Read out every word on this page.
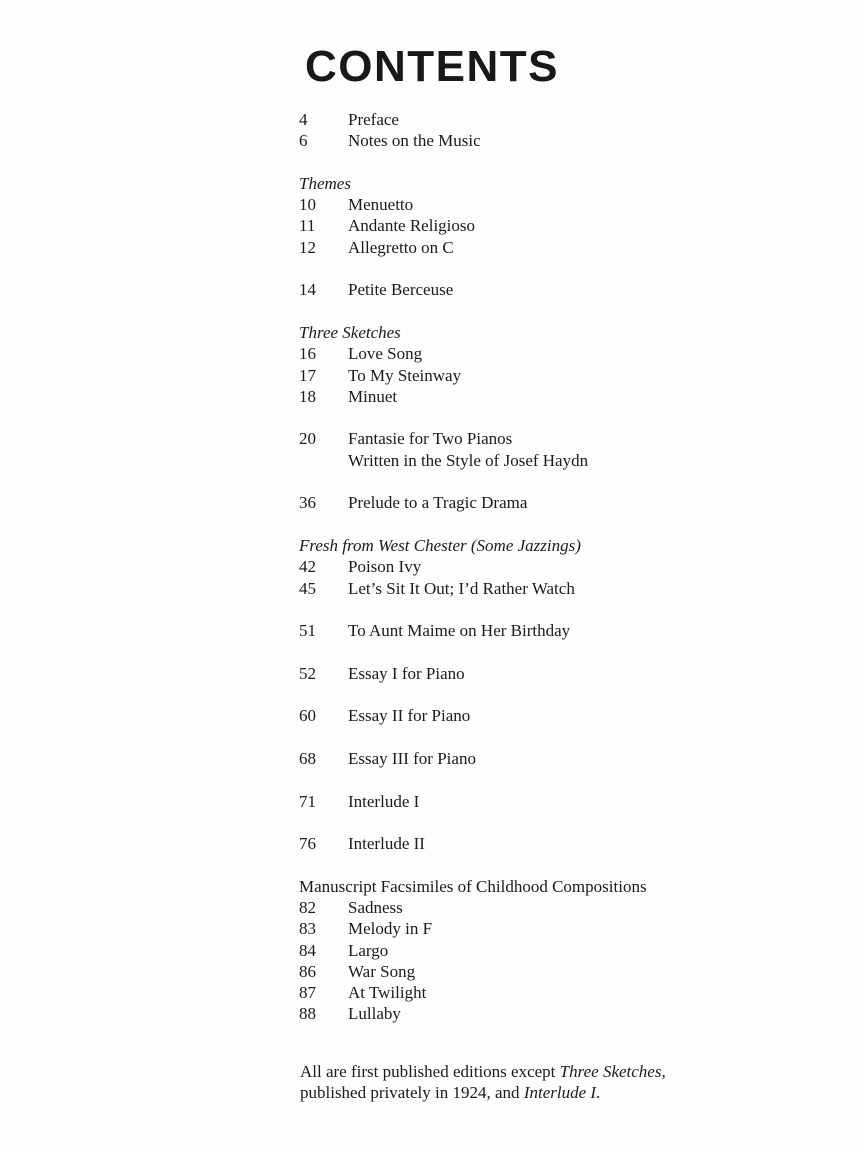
CONTENTS
4 Preface
6 Notes on the Music
Themes
10 Menuetto
11 Andante Religioso
12 Allegretto on C
14 Petite Berceuse
Three Sketches
16 Love Song
17 To My Steinway
18 Minuet
20 Fantasie for Two Pianos
Written in the Style of Josef Haydn
36 Prelude to a Tragic Drama
Fresh from West Chester (Some Jazzings)
42 Poison Ivy
45 Let’s Sit It Out; I’d Rather Watch
51 To Aunt Maime on Her Birthday
52 Essay I for Piano
60 Essay II for Piano
68 Essay III for Piano
71 Interlude I
76 Interlude II
Manuscript Facsimiles of Childhood Compositions
82 Sadness
83 Melody in F
84 Largo
86 War Song
87 At Twilight
88 Lullaby
All are first published editions except Three Sketches,
published privately in 1924, and Interlude I.
